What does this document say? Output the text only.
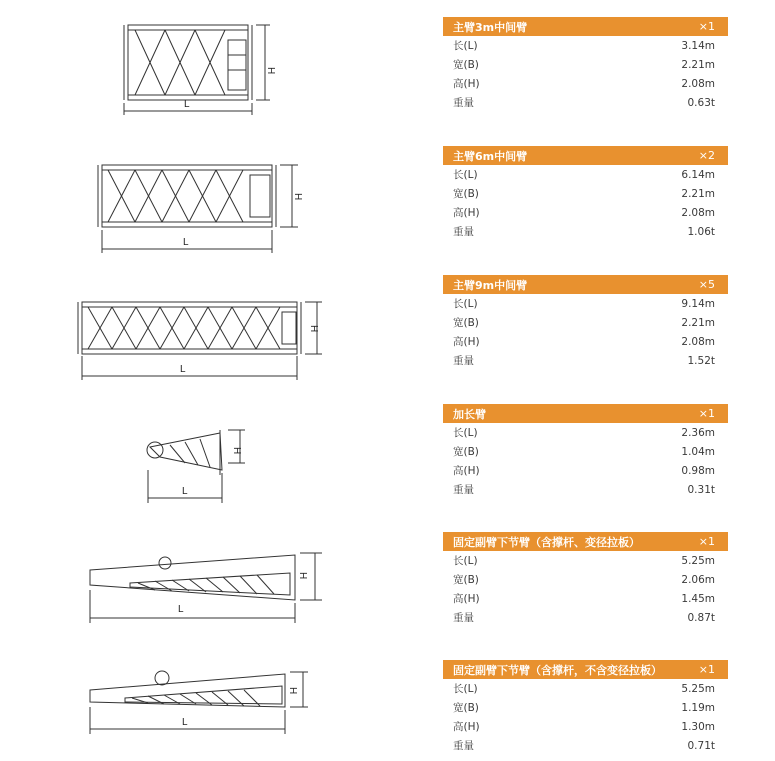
L
H
L
H
L
H
L
H
L
H
L
H
主臂3m中间臂	×1
长(L)	3.14m
宽(B)	2.21m
高(H)	2.08m
重量	0.63t
主臂6m中间臂	×2
长(L)	6.14m
宽(B)	2.21m
高(H)	2.08m
重量	1.06t
主臂9m中间臂	×5
长(L)	9.14m
宽(B)	2.21m
高(H)	2.08m
重量	1.52t
加长臂	×1
长(L)	2.36m
宽(B)	1.04m
高(H)	0.98m
重量	0.31t
固定副臂下节臂（含撑杆、变径拉板）	×1
长(L)	5.25m
宽(B)	2.06m
高(H)	1.45m
重量	0.87t
固定副臂下节臂（含撑杆，不含变径拉板）	×1
长(L)	5.25m
宽(B)	1.19m
高(H)	1.30m
重量	0.71t
